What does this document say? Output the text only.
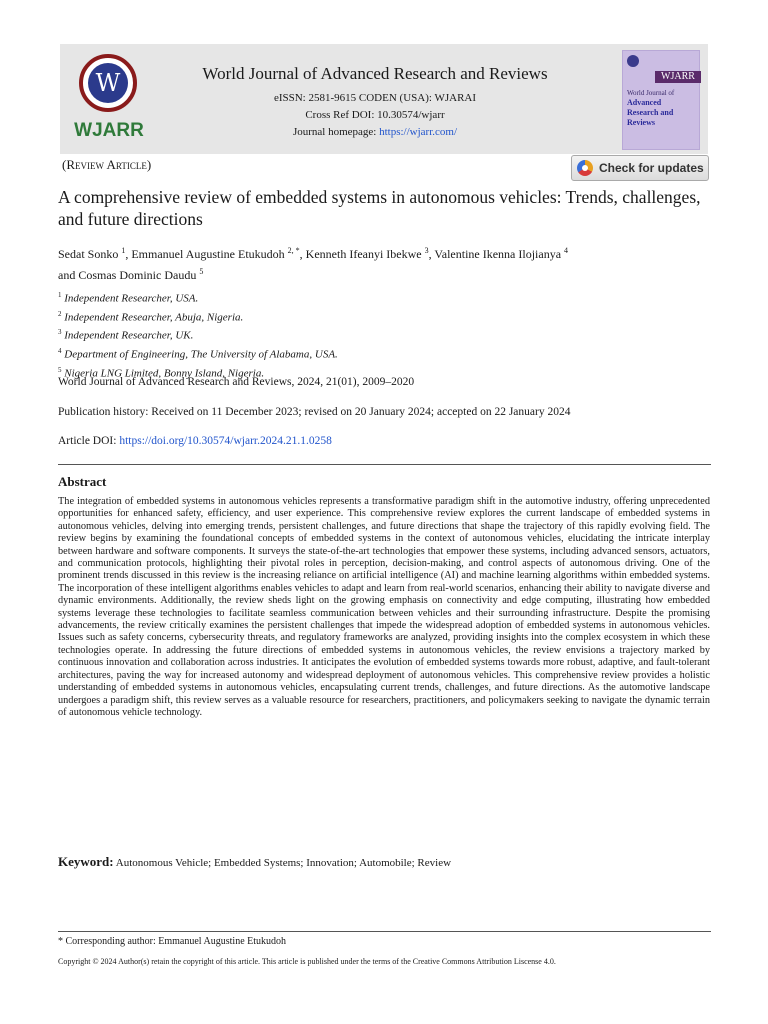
W
WJARR
World Journal of Advanced Research and Reviews
eISSN: 2581-9615 CODEN (USA): WJARAI
Cross Ref DOI: 10.30574/wjarr
Journal homepage: https://wjarr.com/
WJARR
World Journal of
Advanced
Research and
Reviews
(Review Article)	Check for updates
A comprehensive review of embedded systems in autonomous vehicles: Trends, challenges, and future directions
Sedat Sonko $^1$, Emmanuel Augustine Etukudoh $^{2, *}$, Kenneth Ifeanyi Ibekwe $^3$, Valentine Ikenna Ilojianya $^4$
and Cosmas Dominic Daudu $^5$
$^1$ Independent Researcher, USA.
$^2$ Independent Researcher, Abuja, Nigeria.
$^3$ Independent Researcher, UK.
$^4$ Department of Engineering, The University of Alabama, USA.
$^5$ Nigeria LNG Limited, Bonny Island, Nigeria.
World Journal of Advanced Research and Reviews, 2024, 21(01), 2009–2020
Publication history: Received on 11 December 2023; revised on 20 January 2024; accepted on 22 January 2024
Article DOI: https://doi.org/10.30574/wjarr.2024.21.1.0258
Abstract

The integration of embedded systems in autonomous vehicles represents a transformative paradigm shift in the automotive industry, offering unprecedented opportunities for enhanced safety, efficiency, and user experience. This comprehensive review explores the current landscape of embedded systems in autonomous vehicles, delving into emerging trends, persistent challenges, and future directions that shape the trajectory of this rapidly evolving field. The review begins by examining the foundational concepts of embedded systems in the context of autonomous vehicles, elucidating the intricate interplay between hardware and software components. It surveys the state-of-the-art technologies that empower these systems, including advanced sensors, actuators, and communication protocols, highlighting their pivotal roles in perception, decision-making, and control aspects of autonomous driving. One of the prominent trends discussed in this review is the increasing reliance on artificial intelligence (AI) and machine learning algorithms within embedded systems. The incorporation of these intelligent algorithms enables vehicles to adapt and learn from real-world scenarios, enhancing their ability to navigate diverse and dynamic environments. Additionally, the review sheds light on the growing emphasis on connectivity and edge computing, illustrating how embedded systems leverage these technologies to facilitate seamless communication between vehicles and their surrounding infrastructure. Despite the promising advancements, the review critically examines the persistent challenges that impede the widespread adoption of embedded systems in autonomous vehicles. Issues such as safety concerns, cybersecurity threats, and regulatory frameworks are analyzed, providing insights into the complex ecosystem in which these technologies operate. In addressing the future directions of embedded systems in autonomous vehicles, the review envisions a trajectory marked by continuous innovation and collaboration across industries. It anticipates the evolution of embedded systems towards more robust, adaptive, and fault-tolerant architectures, paving the way for increased autonomy and widespread deployment of autonomous vehicles. This comprehensive review provides a holistic understanding of embedded systems in autonomous vehicles, encapsulating current trends, challenges, and future directions. As the automotive landscape undergoes a paradigm shift, this review serves as a valuable resource for researchers, practitioners, and policymakers seeking to navigate the dynamic terrain of autonomous vehicle technology.

Keyword: Autonomous Vehicle; Embedded Systems; Innovation; Automobile; Review
* Corresponding author: Emmanuel Augustine Etukudoh
Copyright © 2024 Author(s) retain the copyright of this article. This article is published under the terms of the Creative Commons Attribution Liscense 4.0.
